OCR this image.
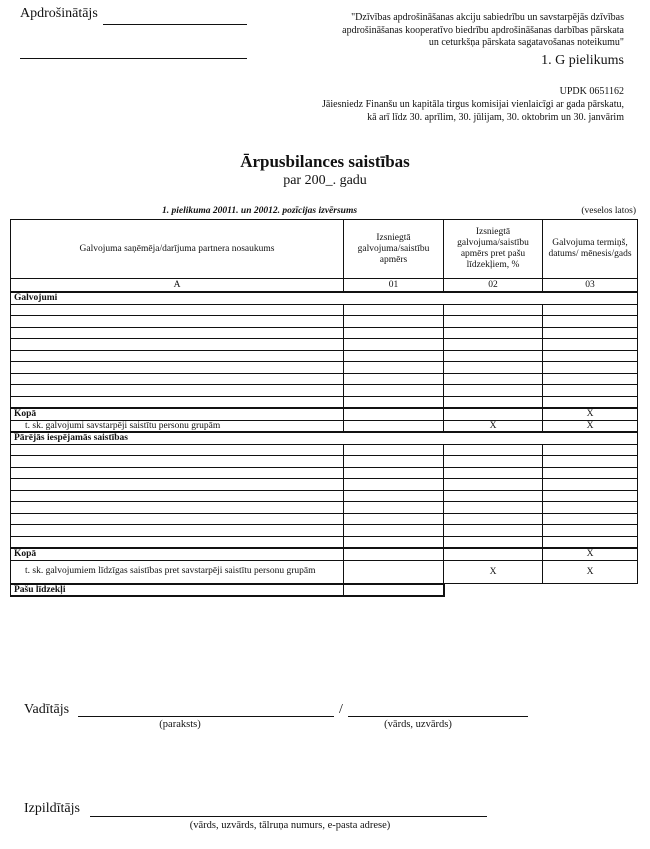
Apdrošinātājs	"Dzīvības apdrošināšanas akciju sabiedrību un savstarpējās dzīvības
apdrošināšanas kooperatīvo biedrību apdrošināšanas darbības pārskata
un ceturkšņa pārskata sagatavošanas noteikumu"
1. G pielikums
UPDK 0651162
Jāiesniedz Finanšu un kapitāla tirgus komisijai vienlaicīgi ar gada pārskatu,
kā arī līdz 30. aprīlim, 30. jūlijam, 30. oktobrim un 30. janvārim
Ārpusbilances saistības
par 200_. gadu
1. pielikuma 20011. un 20012. pozīcijas izvērsums	(veselos latos)
Galvojuma saņēmēja/darījuma partnera nosaukums	Izsniegtā galvojuma/saistību apmērs	Izsniegtā galvojuma/saistību apmērs pret pašu līdzekļiem, %	Galvojuma termiņš, datums/ mēnesis/gads
A	01	02	03
Galvojumi			

Kopā			X
t. sk. galvojumi savstarpēji saistītu personu grupām		X	X
Pārējās iespējamās saistības			

Kopā			X
t. sk. galvojumiem līdzīgas saistības pret savstarpēji saistītu personu grupām		X	X
Pašu līdzekļi			
Vadītājs	/
(paraksts)	(vārds, uzvārds)
Izpildītājs
(vārds, uzvārds, tālruņa numurs, e-pasta adrese)
